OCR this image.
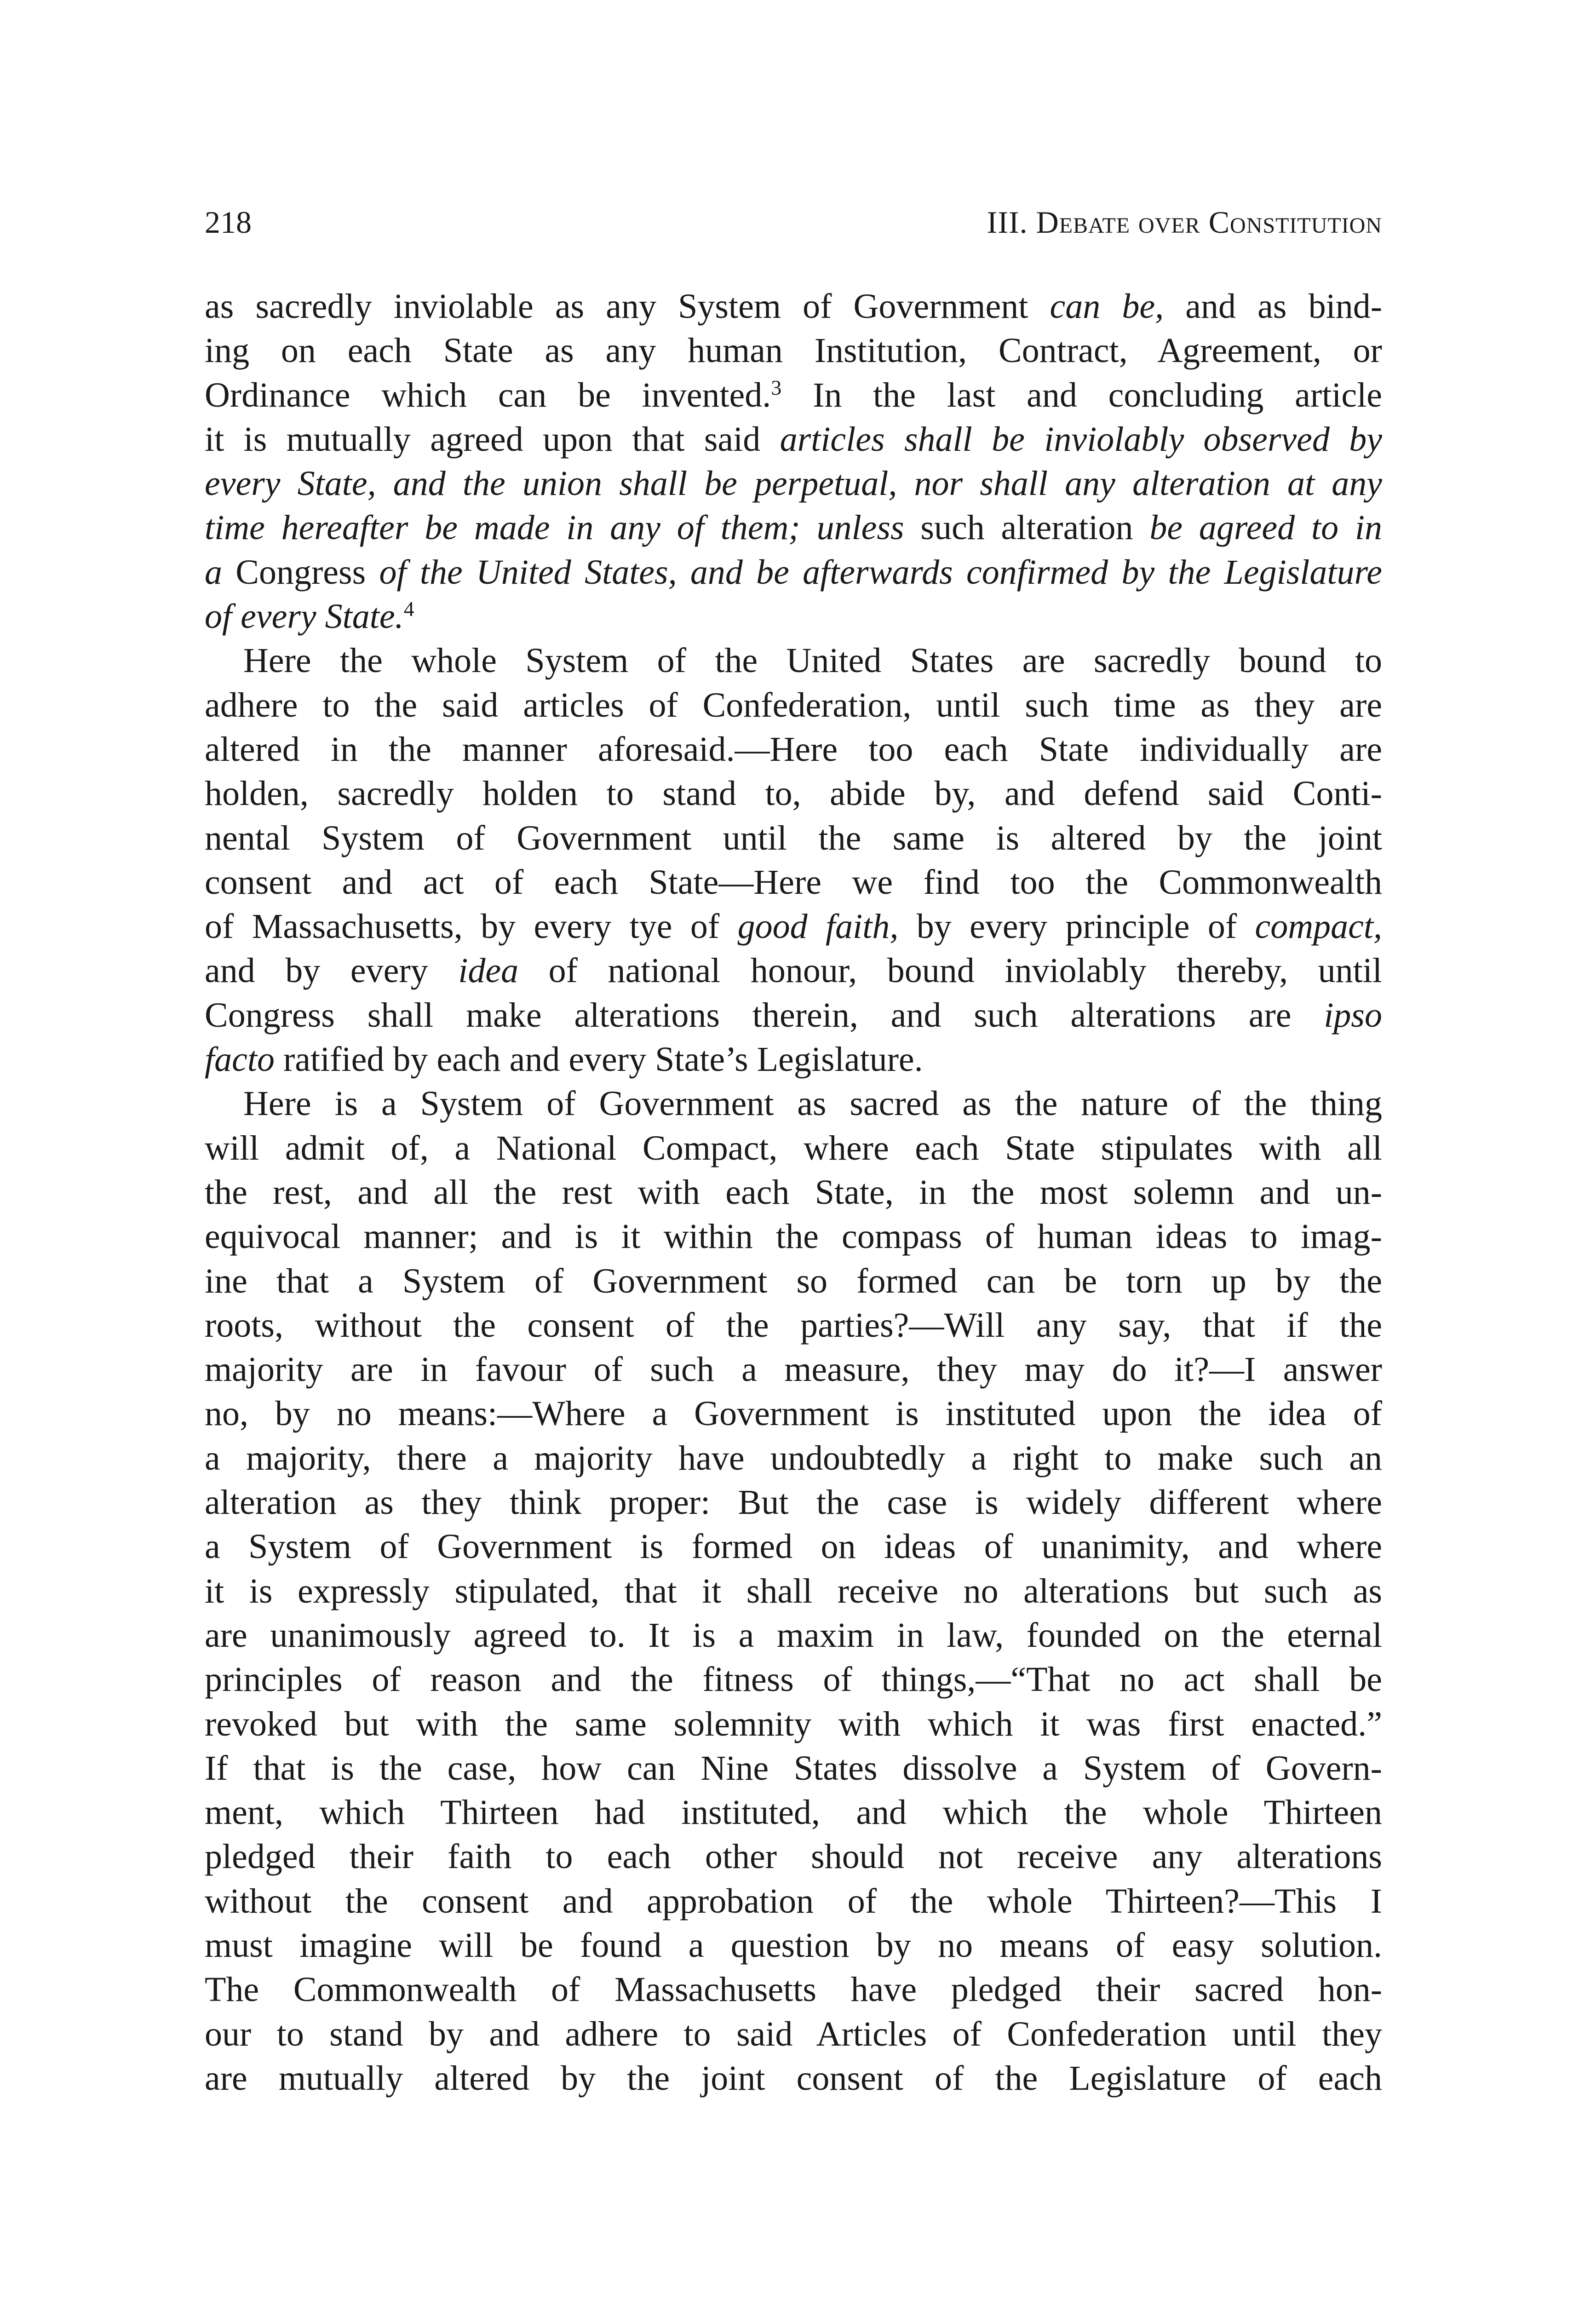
218	III. Debate over Constitution
as sacredly inviolable as any System of Government can be, and as bind-
ing on each State as any human Institution, Contract, Agreement, or
Ordinance which can be invented.$^3$ In the last and concluding article
it is mutually agreed upon that said articles shall be inviolably observed by
every State, and the union shall be perpetual, nor shall any alteration at any
time hereafter be made in any of them; unless such alteration be agreed to in
a Congress of the United States, and be afterwards confirmed by the Legislature
of every State.$^4$
Here the whole System of the United States are sacredly bound to
adhere to the said articles of Confederation, until such time as they are
altered in the manner aforesaid.—Here too each State individually are
holden, sacredly holden to stand to, abide by, and defend said Conti-
nental System of Government until the same is altered by the joint
consent and act of each State—Here we find too the Commonwealth
of Massachusetts, by every tye of good faith, by every principle of compact,
and by every idea of national honour, bound inviolably thereby, until
Congress shall make alterations therein, and such alterations are ipso
facto ratified by each and every State’s Legislature.
Here is a System of Government as sacred as the nature of the thing
will admit of, a National Compact, where each State stipulates with all
the rest, and all the rest with each State, in the most solemn and un-
equivocal manner; and is it within the compass of human ideas to imag-
ine that a System of Government so formed can be torn up by the
roots, without the consent of the parties?—Will any say, that if the
majority are in favour of such a measure, they may do it?—I answer
no, by no means:—Where a Government is instituted upon the idea of
a majority, there a majority have undoubtedly a right to make such an
alteration as they think proper: But the case is widely different where
a System of Government is formed on ideas of unanimity, and where
it is expressly stipulated, that it shall receive no alterations but such as
are unanimously agreed to. It is a maxim in law, founded on the eternal
principles of reason and the fitness of things,—“That no act shall be
revoked but with the same solemnity with which it was first enacted.”
If that is the case, how can Nine States dissolve a System of Govern-
ment, which Thirteen had instituted, and which the whole Thirteen
pledged their faith to each other should not receive any alterations
without the consent and approbation of the whole Thirteen?—This I
must imagine will be found a question by no means of easy solution.
The Commonwealth of Massachusetts have pledged their sacred hon-
our to stand by and adhere to said Articles of Confederation until they
are mutually altered by the joint consent of the Legislature of each
